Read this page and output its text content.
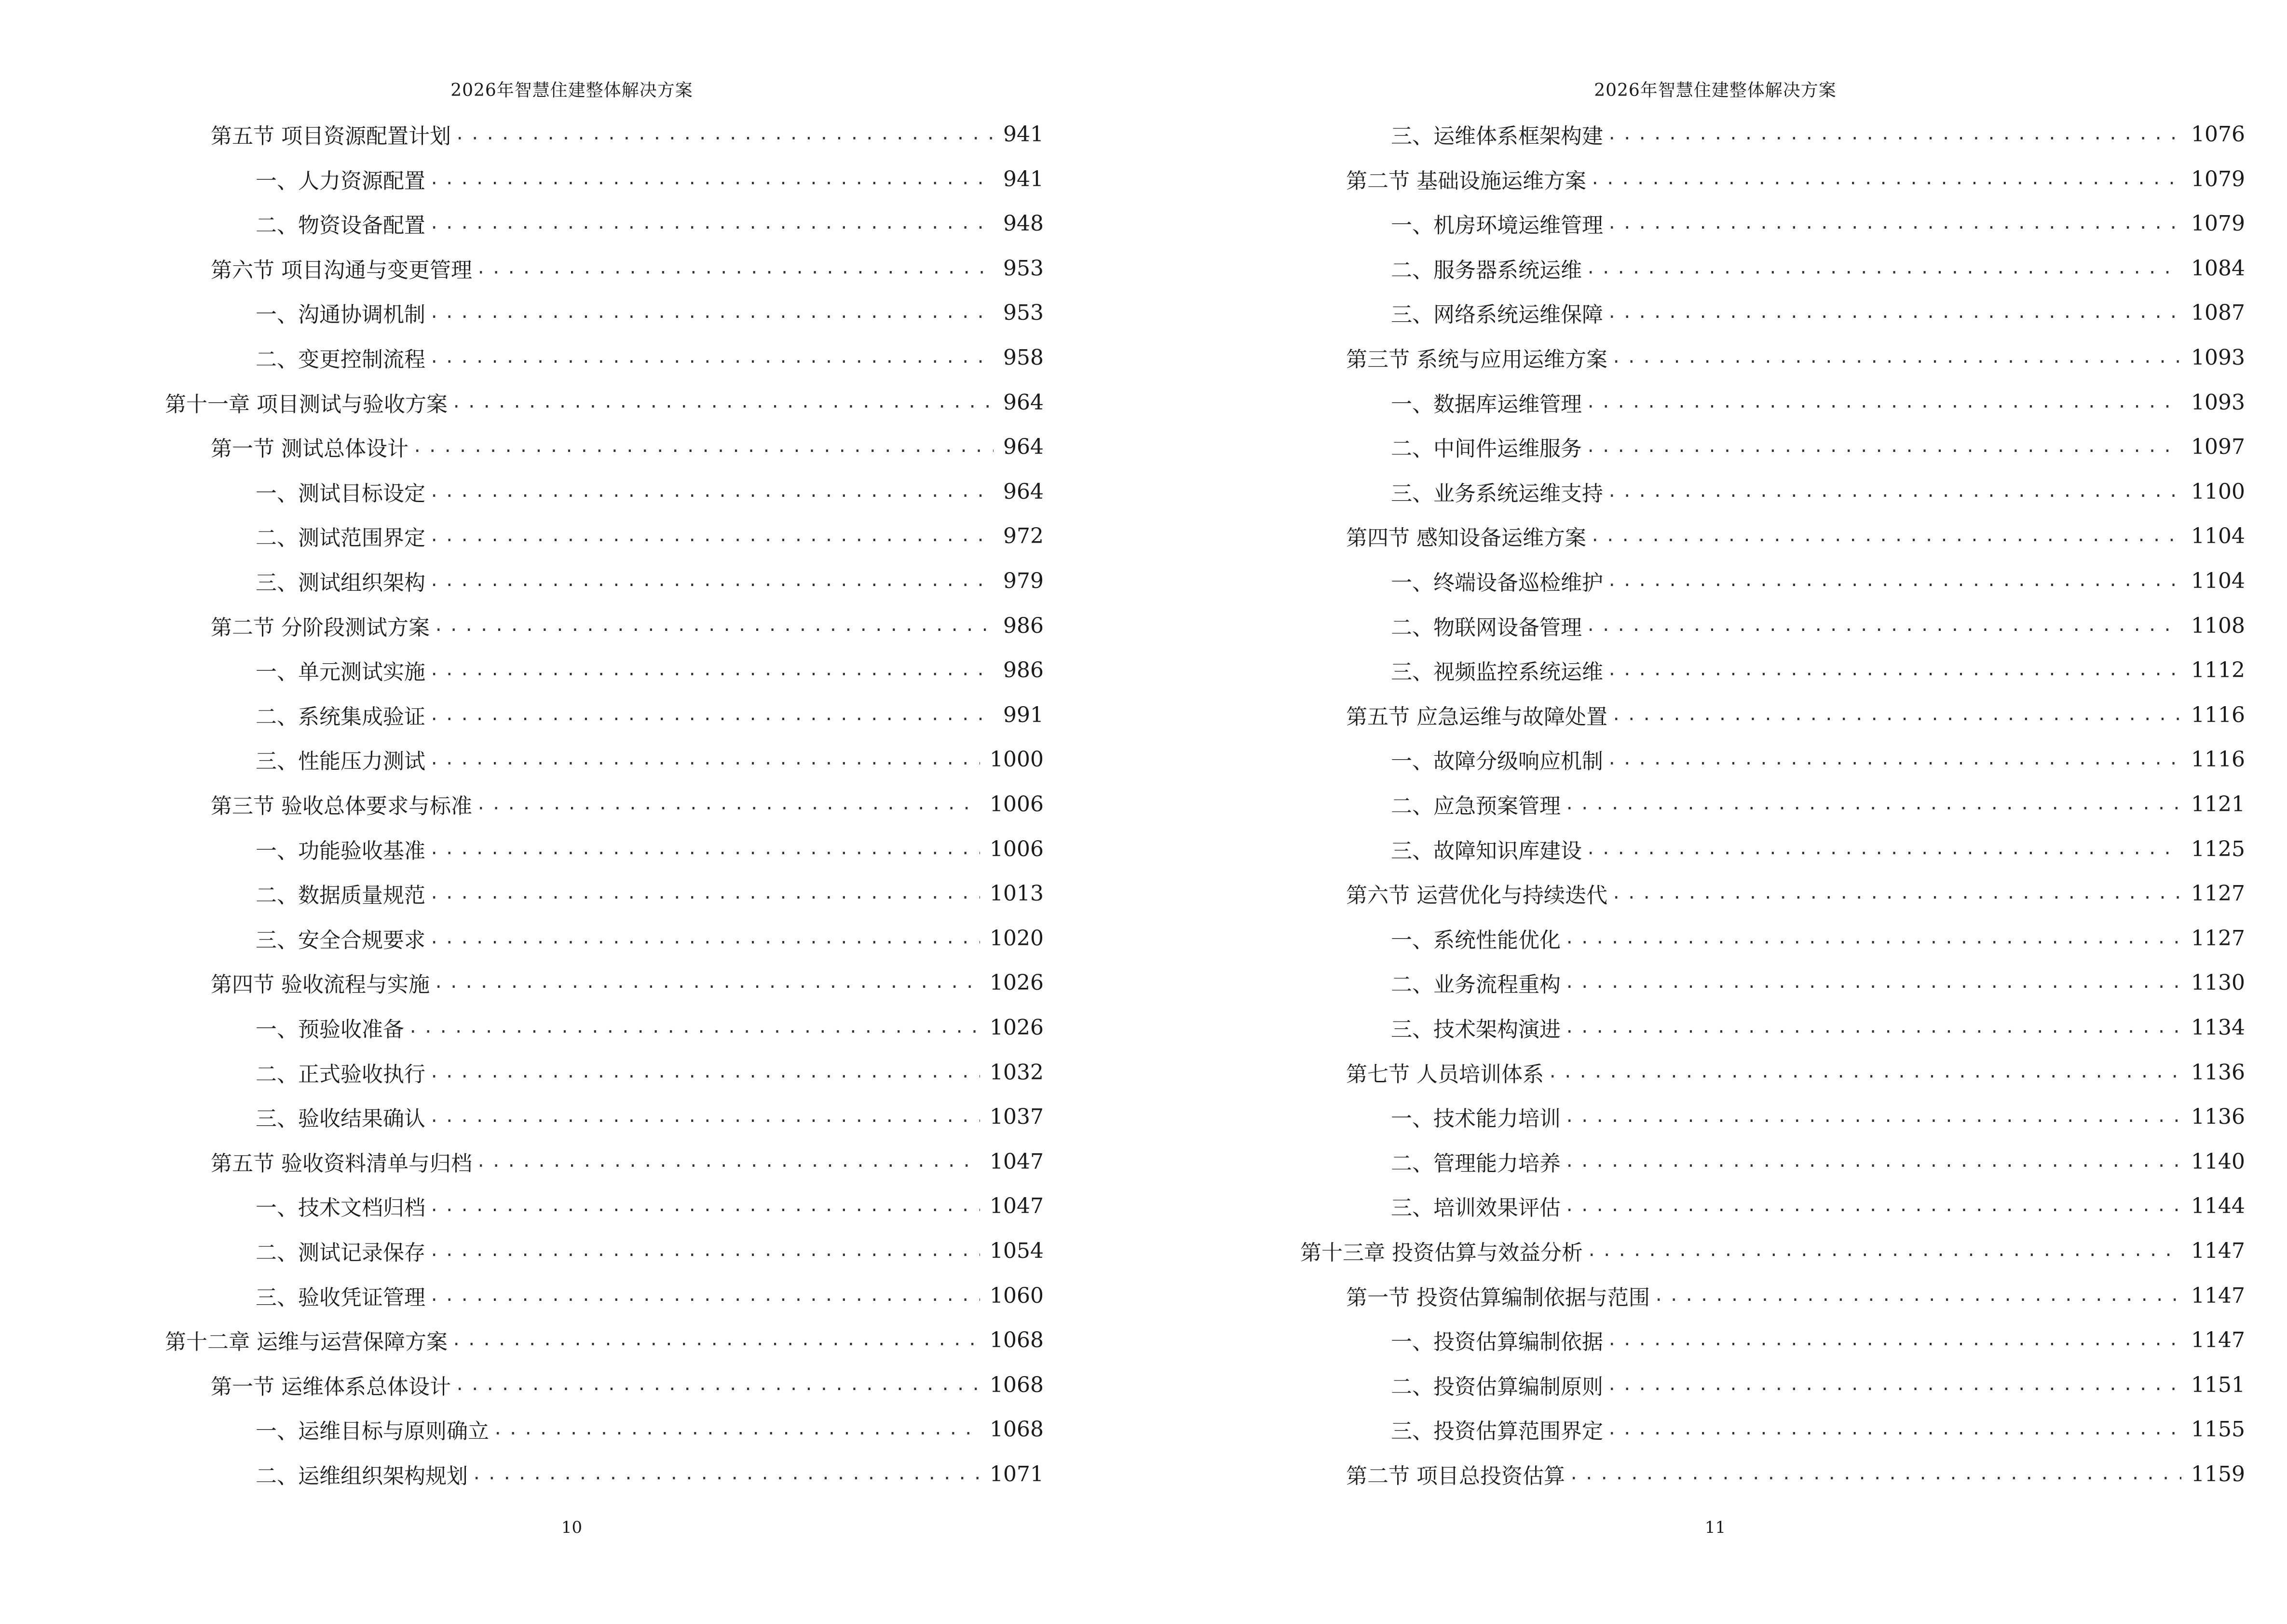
2026年智慧住建整体解决方案
第五节 项目资源配置计划 .....	941
一、人力资源配置 .....	941
二、物资设备配置 .....	948
第六节 项目沟通与变更管理 .....	953
一、沟通协调机制 .....	953
二、变更控制流程 .....	958
第十一章 项目测试与验收方案 .....	964
第一节 测试总体设计 .....	964
一、测试目标设定 .....	964
二、测试范围界定 .....	972
三、测试组织架构 .....	979
第二节 分阶段测试方案 .....	986
一、单元测试实施 .....	986
二、系统集成验证 .....	991
三、性能压力测试 .....	1000
第三节 验收总体要求与标准 .....	1006
一、功能验收基准 .....	1006
二、数据质量规范 .....	1013
三、安全合规要求 .....	1020
第四节 验收流程与实施 .....	1026
一、预验收准备 .....	1026
二、正式验收执行 .....	1032
三、验收结果确认 .....	1037
第五节 验收资料清单与归档 .....	1047
一、技术文档归档 .....	1047
二、测试记录保存 .....	1054
三、验收凭证管理 .....	1060
第十二章 运维与运营保障方案 .....	1068
第一节 运维体系总体设计 .....	1068
一、运维目标与原则确立 .....	1068
二、运维组织架构规划 .....	1071
10
2026年智慧住建整体解决方案
三、运维体系框架构建 .....	1076
第二节 基础设施运维方案 .....	1079
一、机房环境运维管理 .....	1079
二、服务器系统运维 .....	1084
三、网络系统运维保障 .....	1087
第三节 系统与应用运维方案 .....	1093
一、数据库运维管理 .....	1093
二、中间件运维服务 .....	1097
三、业务系统运维支持 .....	1100
第四节 感知设备运维方案 .....	1104
一、终端设备巡检维护 .....	1104
二、物联网设备管理 .....	1108
三、视频监控系统运维 .....	1112
第五节 应急运维与故障处置 .....	1116
一、故障分级响应机制 .....	1116
二、应急预案管理 .....	1121
三、故障知识库建设 .....	1125
第六节 运营优化与持续迭代 .....	1127
一、系统性能优化 .....	1127
二、业务流程重构 .....	1130
三、技术架构演进 .....	1134
第七节 人员培训体系 .....	1136
一、技术能力培训 .....	1136
二、管理能力培养 .....	1140
三、培训效果评估 .....	1144
第十三章 投资估算与效益分析 .....	1147
第一节 投资估算编制依据与范围 .....	1147
一、投资估算编制依据 .....	1147
二、投资估算编制原则 .....	1151
三、投资估算范围界定 .....	1155
第二节 项目总投资估算 .....	1159
11
